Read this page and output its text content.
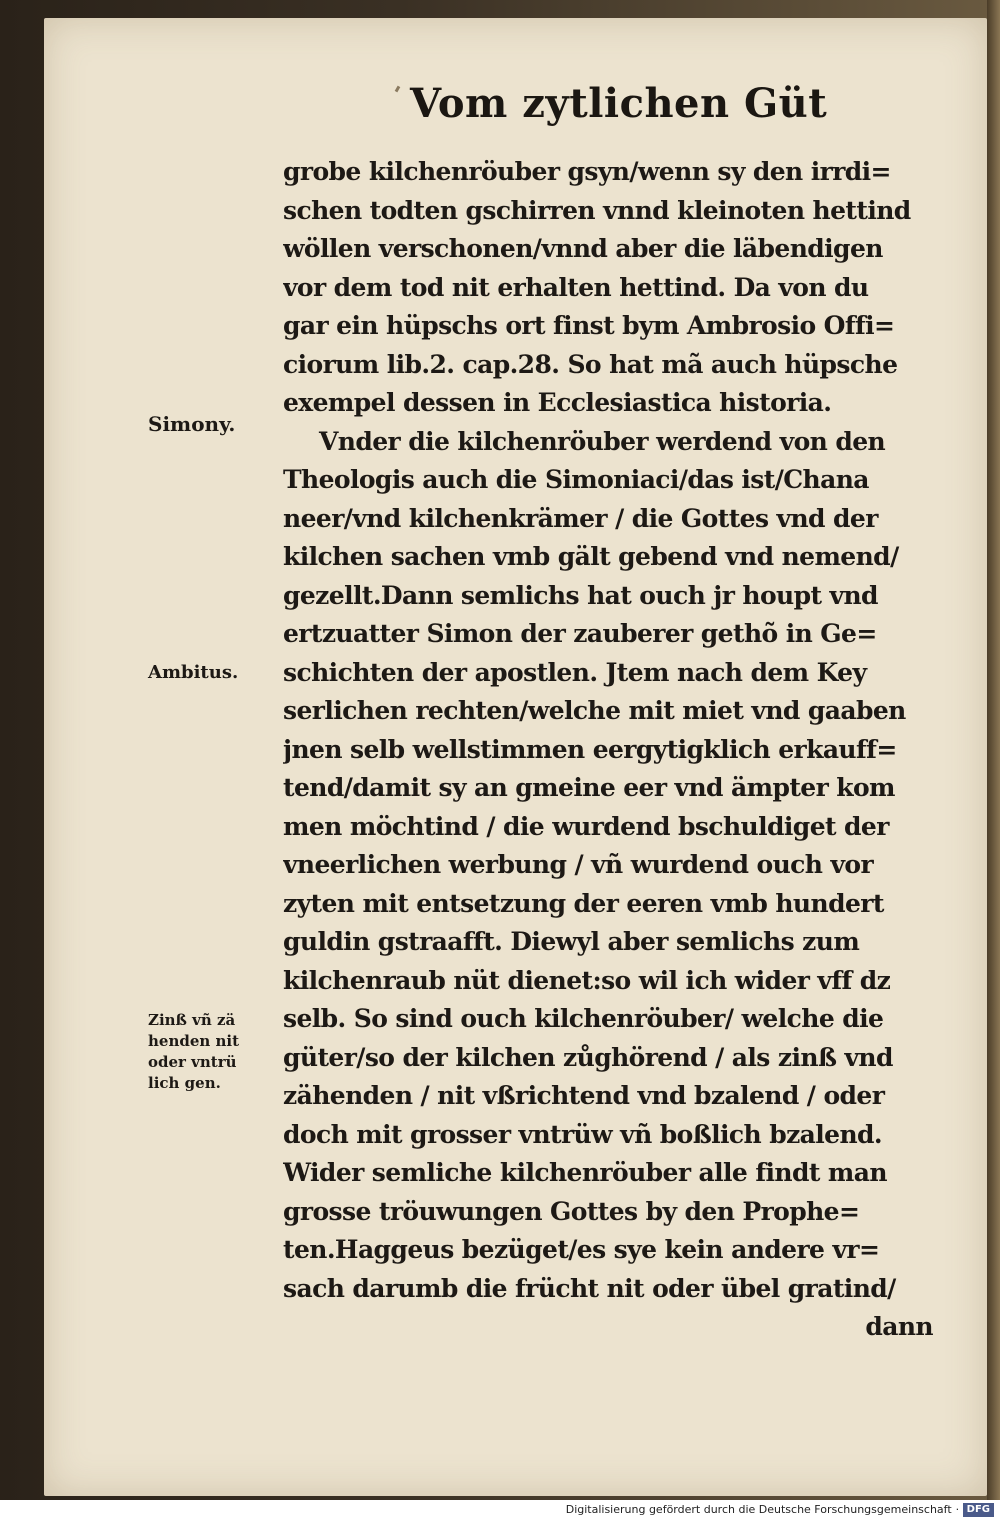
Vom zytlichen Güt
Simony.
Ambitus.
Zinß vñ zä
henden nit
oder vntrü
lich gen.
grobe kilchenröuber gsyn/wenn sy den irrdi=
schen todten gschirren vnnd kleinoten hettind
wöllen verschonen/vnnd aber die läbendigen
vor dem tod nit erhalten hettind. Da von du
gar ein hüpschs ort finst bym Ambrosio Offi=
ciorum lib.2. cap.28. So hat mã auch hüpsche
exempel dessen in Ecclesiastica historia.
Vnder die kilchenröuber werdend von den
Theologis auch die Simoniaci/das ist/Chana
neer/vnd kilchenkrämer / die Gottes vnd der
kilchen sachen vmb gält gebend vnd nemend/
gezellt.Dann semlichs hat ouch jr houpt vnd
ertzuatter Simon der zauberer gethõ in Ge=
schichten der apostlen. Jtem nach dem Key
serlichen rechten/welche mit miet vnd gaaben
jnen selb wellstimmen eergytigklich erkauff=
tend/damit sy an gmeine eer vnd ämpter kom
men möchtind / die wurdend bschuldiget der
vneerlichen werbung / vñ wurdend ouch vor
zyten mit entsetzung der eeren vmb hundert
guldin gstraafft. Diewyl aber semlichs zum
kilchenraub nüt dienet:so wil ich wider vff dz
selb. So sind ouch kilchenröuber/ welche die
güter/so der kilchen zůghörend / als zinß vnd
zähenden / nit vßrichtend vnd bzalend / oder
doch mit grosser vntrüw vñ boßlich bzalend.
Wider semliche kilchenröuber alle findt man
grosse tröuwungen Gottes by den Prophe=
ten.Haggeus bezüget/es sye kein andere vr=
sach darumb die frücht nit oder übel gratind/
dann
Digitalisierung gefördert durch die Deutsche Forschungsgemeinschaft · DFG
